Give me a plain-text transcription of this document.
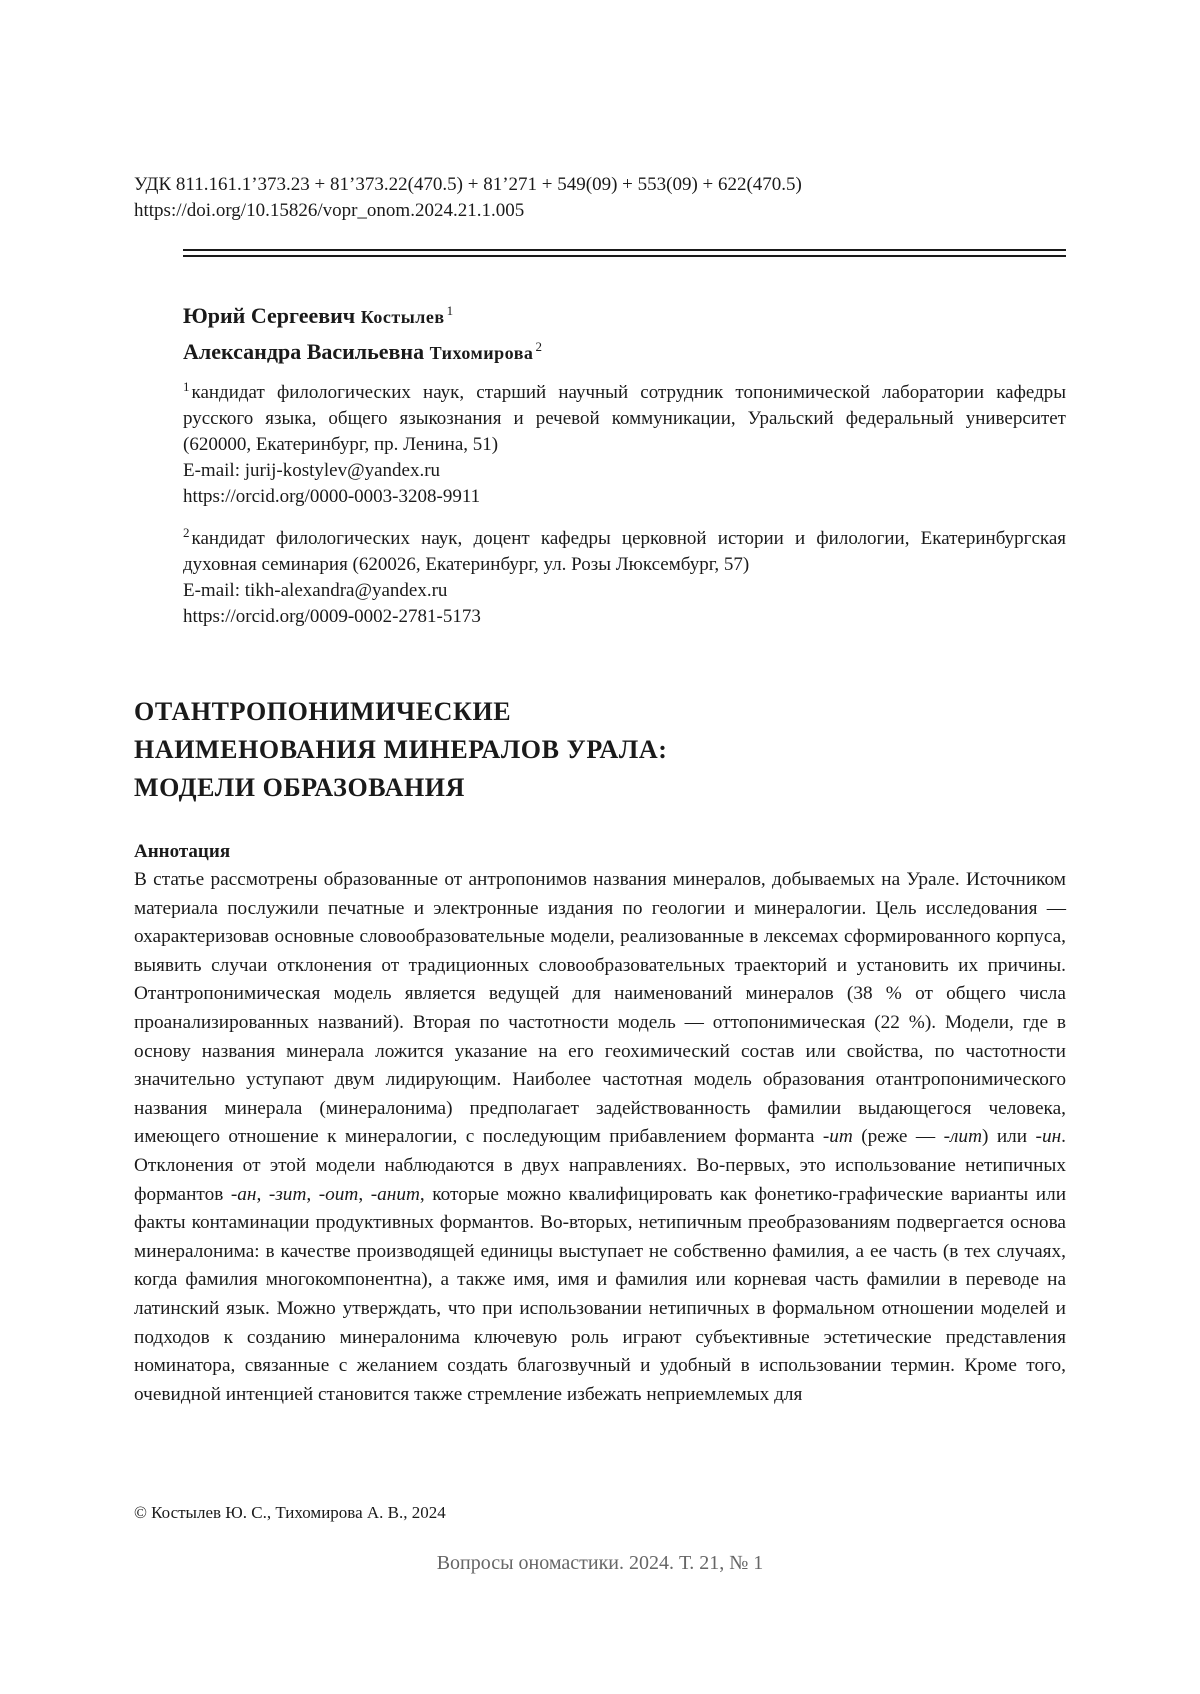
УДК 811.161.1’373.23 + 81’373.22(470.5) + 81’271 + 549(09) + 553(09) + 622(470.5)
https://doi.org/10.15826/vopr_onom.2024.21.1.005
Юрий Сергеевич Костылев $^1$
Александра Васильевна Тихомирова $^2$

$^1$ кандидат филологических наук, старший научный сотрудник топонимической лаборатории кафедры русского языка, общего языкознания и речевой коммуникации, Уральский федеральный университет (620000, Екатеринбург, пр. Ленина, 51)

E-mail: jurij-kostylev@yandex.ru
https://orcid.org/0000-0003-3208-9911

$^2$ кандидат филологических наук, доцент кафедры церковной истории и филологии, Екатеринбургская духовная семинария (620026, Екатеринбург, ул. Розы Люксембург, 57)

E-mail: tikh-alexandra@yandex.ru
https://orcid.org/0009-0002-2781-5173
ОТАНТРОПОНИМИЧЕСКИЕ
НАИМЕНОВАНИЯ МИНЕРАЛОВ УРАЛА:
МОДЕЛИ ОБРАЗОВАНИЯ
Аннотация
В статье рассмотрены образованные от антропонимов названия минералов, добываемых на Урале. Источником материала послужили печатные и электронные издания по геологии и минералогии. Цель исследования — охарактеризовав основные словообразовательные модели, реализованные в лексемах сформированного корпуса, выявить случаи отклонения от традиционных словообразовательных траекторий и установить их причины. Отантропонимическая модель является ведущей для наименований минералов (38 % от общего числа проанализированных названий). Вторая по частотности модель — оттопонимическая (22 %). Модели, где в основу названия минерала ложится указание на его геохимический состав или свойства, по частотности значительно уступают двум лидирующим. Наиболее частотная модель образования отантропонимического названия минерала (минералонима) предполагает задействованность фамилии выдающегося человека, имеющего отношение к минералогии, с последующим прибавлением форманта -ит (реже — -лит) или -ин. Отклонения от этой модели наблюдаются в двух направлениях. Во-первых, это использование нетипичных формантов -ан, -зит, -оит, -анит, которые можно квалифицировать как фонетико-графические варианты или факты контаминации продуктивных формантов. Во-вторых, нетипичным преобразованиям подвергается основа минералонима: в качестве производящей единицы выступает не собственно фамилия, а ее часть (в тех случаях, когда фамилия многокомпонентна), а также имя, имя и фамилия или корневая часть фамилии в переводе на латинский язык. Можно утверждать, что при использовании нетипичных в формальном отношении моделей и подходов к созданию минералонима ключевую роль играют субъективные эстетические представления номинатора, связанные с желанием создать благозвучный и удобный в использовании термин. Кроме того, очевидной интенцией становится также стремление избежать неприемлемых для
© Костылев Ю. С., Тихомирова А. В., 2024
Вопросы ономастики. 2024. Т. 21, № 1
